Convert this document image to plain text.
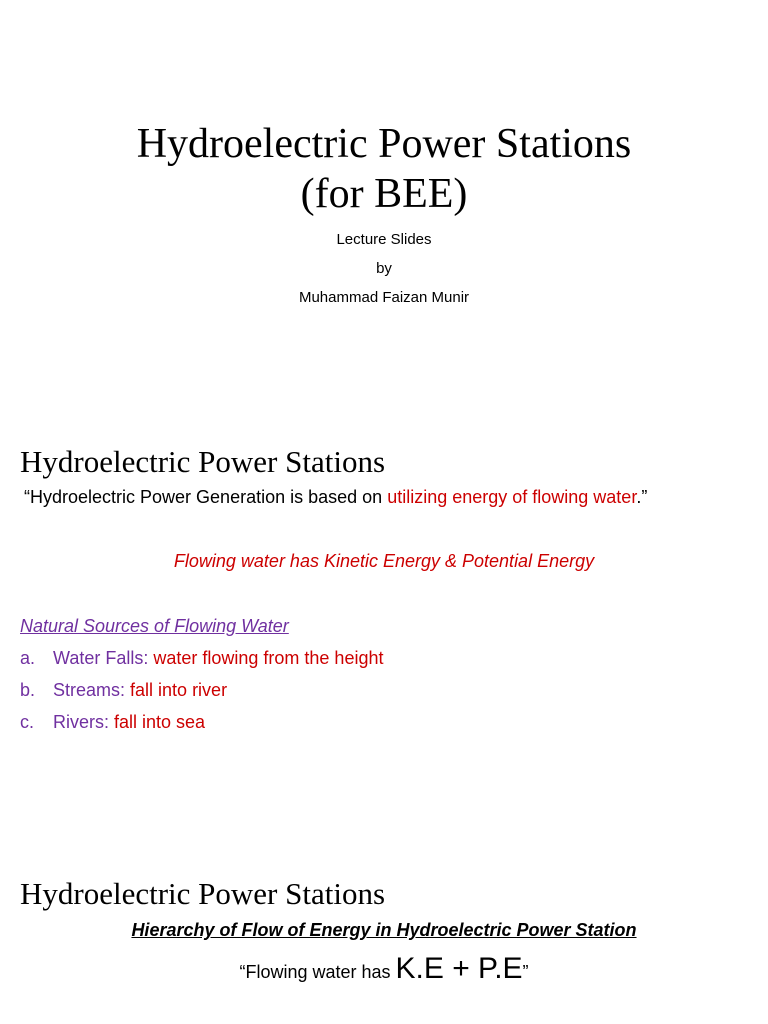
Hydroelectric Power Stations
(for BEE)
Lecture Slides
by
Muhammad Faizan Munir
Hydroelectric Power Stations
“Hydroelectric Power Generation is based on utilizing energy of flowing water.”
Flowing water has Kinetic Energy & Potential Energy
Natural Sources of Flowing Water
a. Water Falls: water flowing from the height
b. Streams: fall into river
c. Rivers: fall into sea
Hydroelectric Power Stations
Hierarchy of Flow of Energy in Hydroelectric Power Station
“Flowing water has K.E + P.E”
